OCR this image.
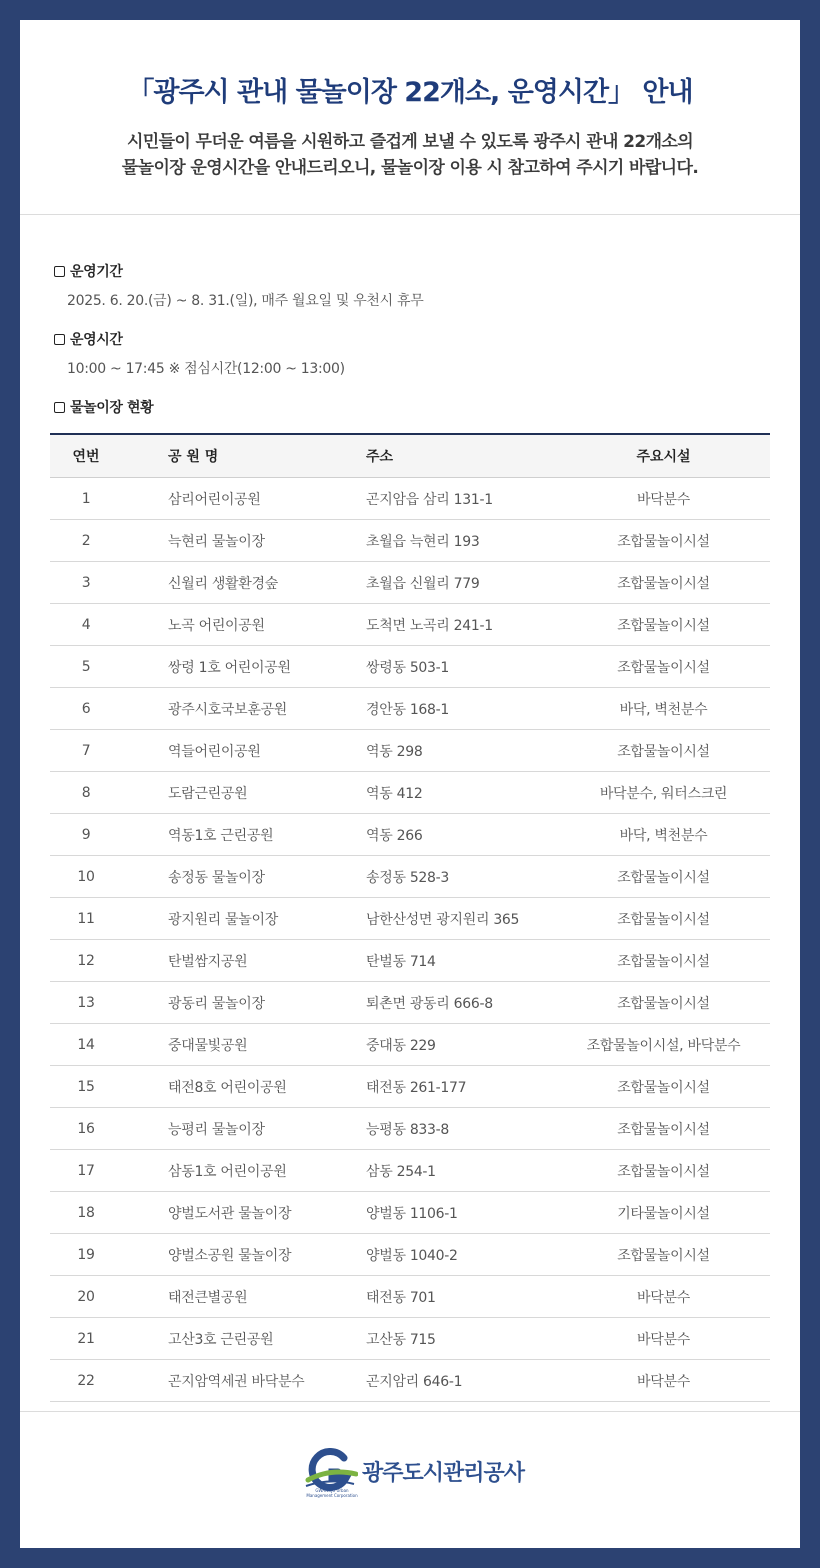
「광주시 관내 물놀이장 22개소, 운영시간」 안내
시민들이 무더운 여름을 시원하고 즐겁게 보낼 수 있도록 광주시 관내 22개소의
물놀이장 운영시간을 안내드리오니, 물놀이장 이용 시 참고하여 주시기 바랍니다.
운영기간
2025. 6. 20.(금) ~ 8. 31.(일), 매주 월요일 및 우천시 휴무
운영시간
10:00 ~ 17:45 ※ 점심시간(12:00 ~ 13:00)
물놀이장 현황
연번	공 원 명	주소	주요시설
1	삼리어린이공원	곤지암읍 삼리 131-1	바닥분수
2	늑현리 물놀이장	초월읍 늑현리 193	조합물놀이시설
3	신월리 생활환경숲	초월읍 신월리 779	조합물놀이시설
4	노곡 어린이공원	도척면 노곡리 241-1	조합물놀이시설
5	쌍령 1호 어린이공원	쌍령동 503-1	조합물놀이시설
6	광주시호국보훈공원	경안동 168-1	바닥, 벽천분수
7	역들어린이공원	역동 298	조합물놀이시설
8	도람근린공원	역동 412	바닥분수, 워터스크린
9	역동1호 근린공원	역동 266	바닥, 벽천분수
10	송정동 물놀이장	송정동 528-3	조합물놀이시설
11	광지원리 물놀이장	남한산성면 광지원리 365	조합물놀이시설
12	탄벌쌈지공원	탄벌동 714	조합물놀이시설
13	광동리 물놀이장	퇴촌면 광동리 666-8	조합물놀이시설
14	중대물빛공원	중대동 229	조합물놀이시설, 바닥분수
15	태전8호 어린이공원	태전동 261-177	조합물놀이시설
16	능평리 물놀이장	능평동 833-8	조합물놀이시설
17	삼동1호 어린이공원	삼동 254-1	조합물놀이시설
18	양벌도서관 물놀이장	양벌동 1106-1	기타물놀이시설
19	양벌소공원 물놀이장	양벌동 1040-2	조합물놀이시설
20	태전큰별공원	태전동 701	바닥분수
21	고산3호 근린공원	고산동 715	바닥분수
22	곤지암역세권 바닥분수	곤지암리 646-1	바닥분수
광주도시관리공사
GWANGJU Urban Management Corporation
